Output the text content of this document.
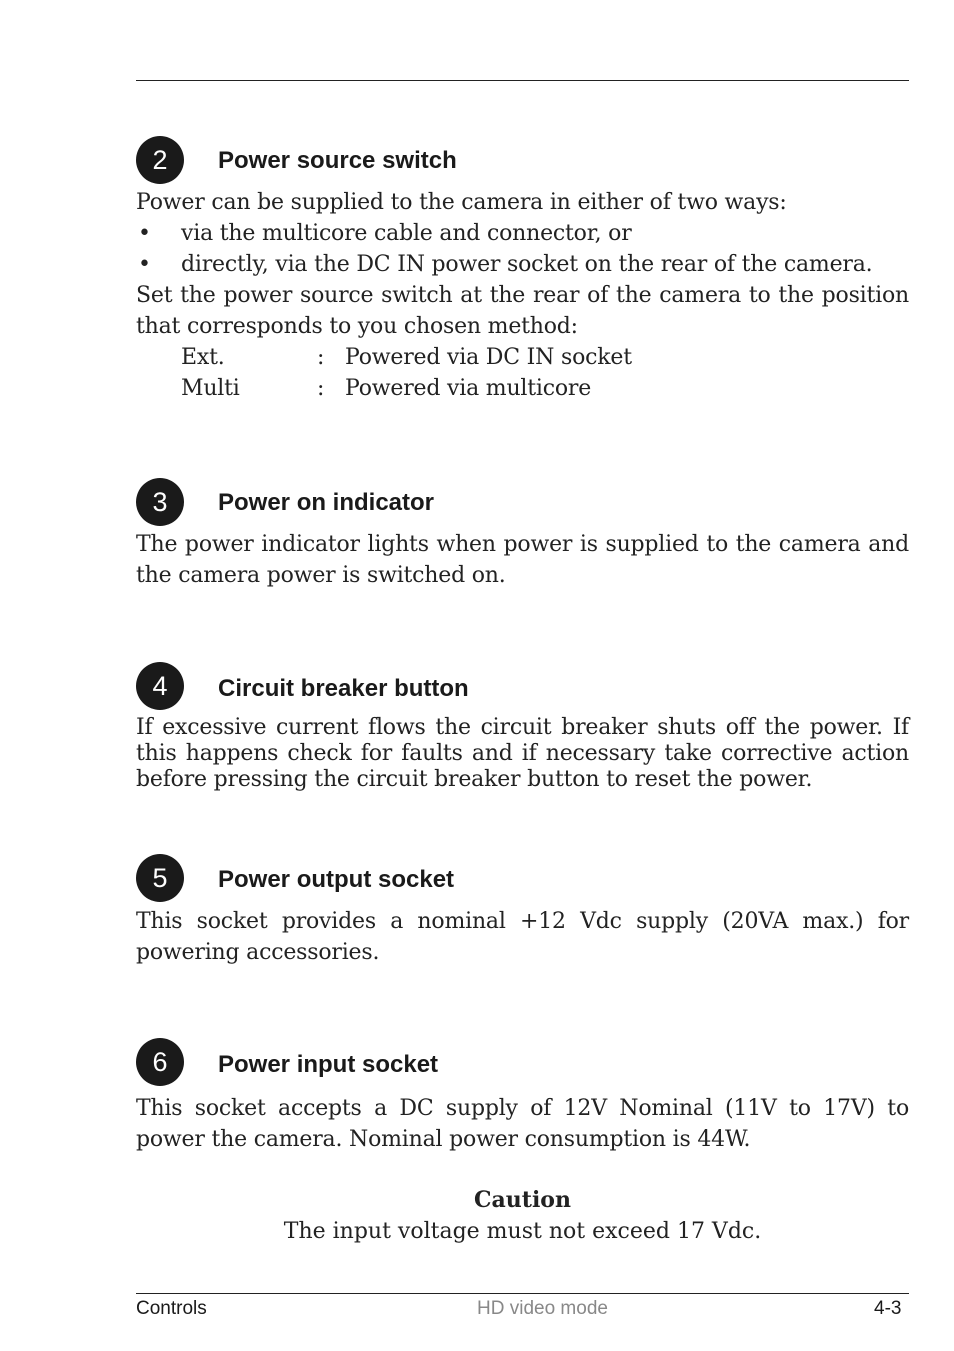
2	Power source switch

Power can be supplied to the camera in either of two ways:

• via the multicore cable and connector, or

• directly, via the DC IN power socket on the rear of the camera.

Set the power source switch at the rear of the camera to the position that corresponds to you chosen method:

Ext.	: Powered via DC IN socket
Multi	: Powered via multicore
3	Power on indicator
The power indicator lights when power is supplied to the camera and the camera power is switched on.
4	Circuit breaker button
If excessive current flows the circuit breaker shuts off the power. If this happens check for faults and if necessary take corrective action before pressing the circuit breaker button to reset the power.
5	Power output socket
This socket provides a nominal +12 Vdc supply (20VA max.) for powering accessories.
6	Power input socket
This socket accepts a DC supply of 12V Nominal (11V to 17V) to power the camera. Nominal power consumption is 44W.
Caution
The input voltage must not exceed 17 Vdc.
Controls	HD video mode	4-3
